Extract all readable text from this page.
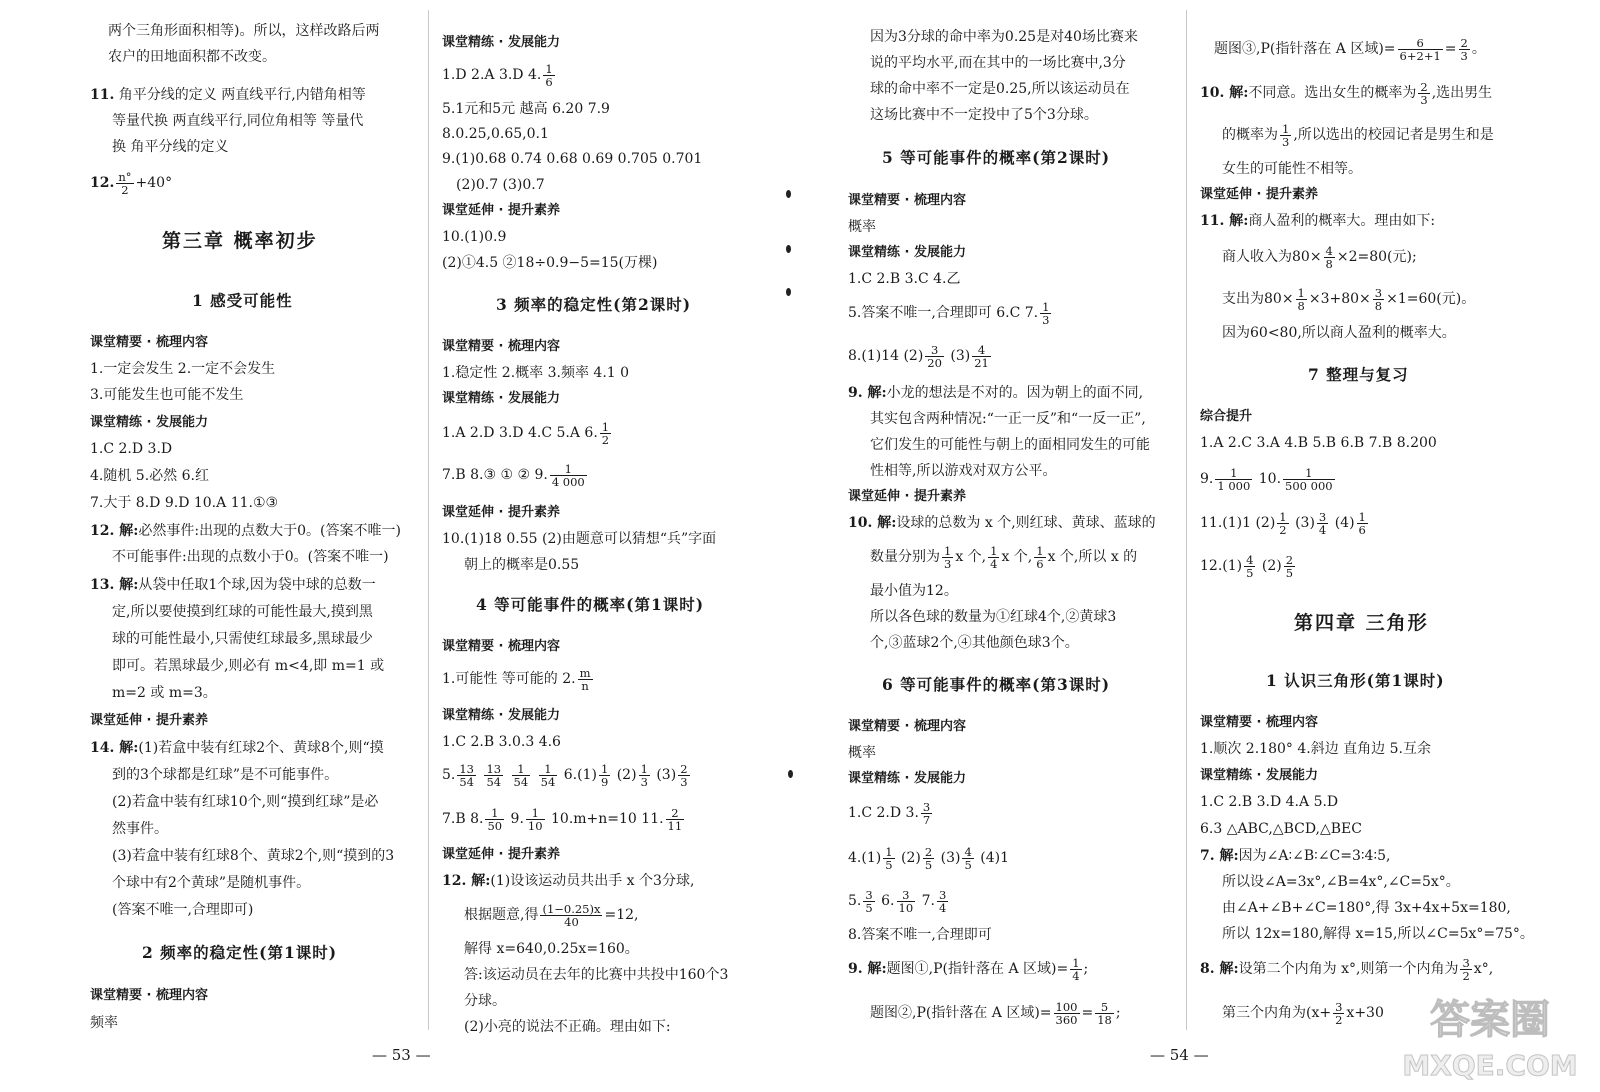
两个三角形面积相等)。所以，这样改路后两
农户的田地面积都不改变。
11. 角平分线的定义 两直线平行,内错角相等
等量代换 两直线平行,同位角相等 等量代
换 角平分线的定义
12. $\frac{n^\circ}{2} +40^\circ$
第三章 概率初步
1 感受可能性
课堂精要 · 梳理内容
1.一定会发生 2.一定不会发生
3.可能发生也可能不发生
课堂精练 · 发展能力
1.C 2.D 3.D
4.随机 5.必然 6.红
7.大于 8.D 9.D 10.A 11.①③
12. 解:必然事件:出现的点数大于0。(答案不唯一)
不可能事件:出现的点数小于0。(答案不唯一)
13. 解:从袋中任取1个球,因为袋中球的总数一
定,所以要使摸到红球的可能性最大,摸到黑
球的可能性最小,只需使红球最多,黑球最少
即可。若黑球最少,则必有 m<4,即 m=1 或
m=2 或 m=3。
课堂延伸 · 提升素养
14. 解:(1)若盒中装有红球2个、黄球8个,则“摸
到的3个球都是红球”是不可能事件。
(2)若盒中装有红球10个,则“摸到红球”是必
然事件。
(3)若盒中装有红球8个、黄球2个,则“摸到的3
个球中有2个黄球”是随机事件。
(答案不唯一,合理即可)
2 频率的稳定性(第1课时)
课堂精要 · 梳理内容
频率
课堂精练 · 发展能力
1.D 2.A 3.D 4. $\frac{1}{6}$
5.1元和5元 越高 6.20 7.9
8.0.25,0.65,0.1
9.(1)0.68 0.74 0.68 0.69 0.705 0.701
(2)0.7 (3)0.7
课堂延伸 · 提升素养
10.(1)0.9
(2)①4.5 ②18÷0.9−5=15(万棵)
3 频率的稳定性(第2课时)
课堂精要 · 梳理内容
1.稳定性 2.概率 3.频率 4.1 0
课堂精练 · 发展能力
1.A 2.D 3.D 4.C 5.A 6. $\frac{1}{2}$
7.B 8.③ ① ② 9. $\frac{1}{4 000}$
课堂延伸 · 提升素养
10.(1)18 0.55 (2)由题意可以猜想“兵”字面
朝上的概率是0.55
4 等可能事件的概率(第1课时)
课堂精要 · 梳理内容
1.可能性 等可能的 2. $\frac{m}{n}$
课堂精练 · 发展能力
1.C 2.B 3.0.3 4.6
5. $\frac{13}{54}$
$\frac{13}{54}$
$\frac{1}{54}$
$\frac{1}{54} 6.(1) \frac{1}{9} (2) \frac{1}{3} (3) \frac{2}{3}$
7.B 8. $\frac{1}{50} 9$. $\frac{1}{10} 10.m+n=10$ 11. $\frac{2}{11}$
课堂延伸 · 提升素养
12. 解:(1)设该运动员共出手 x 个3分球,
根据题意,得 $\frac{(1-0.25)x}{40} =12$,
解得 x=640,0.25x=160。
答:该运动员在去年的比赛中共投中160个3
分球。
(2)小亮的说法不正确。理由如下:
因为3分球的命中率为0.25是对40场比赛来
说的平均水平,而在其中的一场比赛中,3分
球的命中率不一定是0.25,所以该运动员在
这场比赛中不一定投中了5个3分球。
5 等可能事件的概率(第2课时)
课堂精要 · 梳理内容
概率
课堂精练 · 发展能力
1.C 2.B 3.C 4.乙
5.答案不唯一,合理即可 6.C 7. $\frac{1}{3}$
8.(1)14 $(2) \frac{3}{20} (3) \frac{4}{21}$
9. 解:小龙的想法是不对的。因为朝上的面不同,
其实包含两种情况:“一正一反”和“一反一正”,
它们发生的可能性与朝上的面相同发生的可能
性相等,所以游戏对双方公平。
课堂延伸 · 提升素养
10. 解:设球的总数为 x 个,则红球、黄球、蓝球的
数量分别为 $\frac{1}{3}$ x 个, $\frac{1}{4}$ x 个, $\frac{1}{6}$ x 个,所以 x 的
最小值为12。
所以各色球的数量为①红球4个,②黄球3
个,③蓝球2个,④其他颜色球3个。
6 等可能事件的概率(第3课时)
课堂精要 · 梳理内容
概率
课堂精练 · 发展能力
1.C 2.D 3. $\frac{3}{7}$
$4.(1) \frac{1}{5} (2) \frac{2}{5} (3) \frac{4}{5} (4)1$
5. $\frac{3}{5} 6$. $\frac{3}{10} 7$. $\frac{3}{4}$
8.答案不唯一,合理即可
9. 解:题图①,P(指针落在 A 区域)= $\frac{1}{4}$ ;
题图②,P(指针落在 A 区域)= $\frac{100}{360} = \frac{5}{18}$ ;
题图③,P(指针落在 A 区域)= $\frac{6}{6+2+1} = \frac{2}{3}$ 。
10. 解:不同意。选出女生的概率为 $\frac{2}{3}$ ,选出男生
的概率为 $\frac{1}{3}$ ,所以选出的校园记者是男生和是
女生的可能性不相等。
课堂延伸 · 提升素养
11. 解:商人盈利的概率大。理由如下:
商人收入为$80\times \frac{4}{8} \times 2=80$(元);
支出为$80\times \frac{1}{8} \times 3+80\times \frac{3}{8} \times 1=60$(元)。
因为60<80,所以商人盈利的概率大。
7 整理与复习
综合提升
1.A 2.C 3.A 4.B 5.B 6.B 7.B 8.200
9. $\frac{1}{1 000} 10$. $\frac{1}{500 000}$
11.(1)1 $(2) \frac{1}{2} (3) \frac{3}{4} (4) \frac{1}{6}$
$12.(1) \frac{4}{5} (2) \frac{2}{5}$
第四章 三角形
1 认识三角形(第1课时)
课堂精要 · 梳理内容
1.顺次 2.180° 4.斜边 直角边 5.互余
课堂精练 · 发展能力
1.C 2.B 3.D 4.A 5.D
6.3 △ABC,△BCD,△BEC
7. 解:因为∠A∶∠B∶∠C=3∶4∶5,
所以设∠A=3x°,∠B=4x°,∠C=5x°。
由∠A+∠B+∠C=180°,得 3x+4x+5x=180,
所以 12x=180,解得 x=15,所以∠C=5x°=75°。
8. 解:设第二个内角为 x°,则第一个内角为 $\frac{3}{2} x^\circ$,
第三个内角为($x+ \frac{3}{2} x+30$
— 53 —	— 54 —
答案圈
MXQE.COM
